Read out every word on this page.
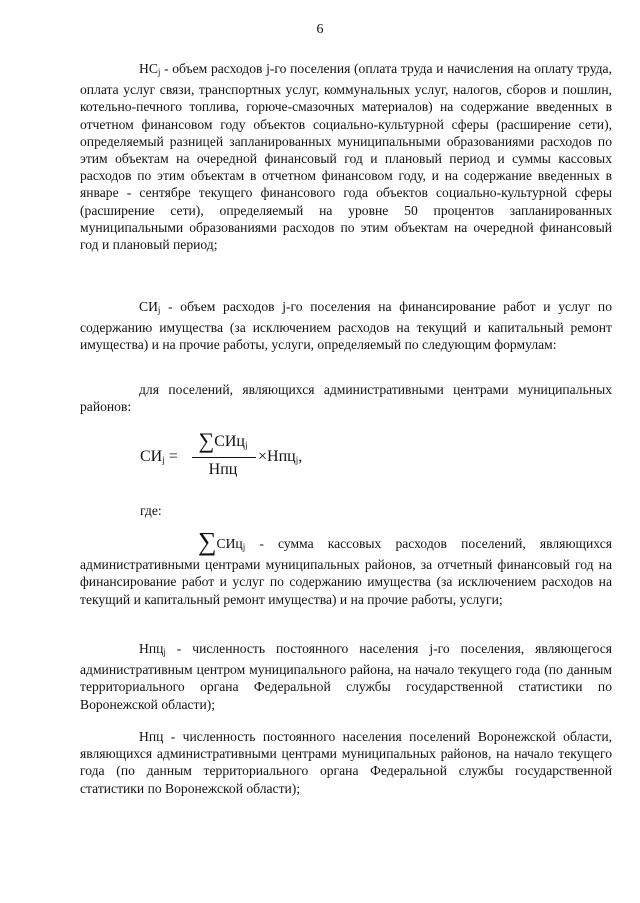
6

$НС_j$ - объем расходов j-го поселения (оплата труда и начисления на оплату труда, оплата услуг связи, транспортных услуг, коммунальных услуг, налогов, сборов и пошлин, котельно-печного топлива, горюче-смазочных материалов) на содержание введенных в отчетном финансовом году объектов социально-культурной сферы (расширение сети), определяемый разницей запланированных муниципальными образованиями расходов по этим объектам на очередной финансовый год и плановый период и суммы кассовых расходов по этим объектам в отчетном финансовом году, и на содержание введенных в январе - сентябре текущего финансового года объектов социально-культурной сферы (расширение сети), определяемый на уровне 50 процентов запланированных муниципальными образованиями расходов по этим объектам на очередной финансовый год и плановый период;

$СИ_j$ - объем расходов j-го поселения на финансирование работ и услуг по содержанию имущества (за исключением расходов на текущий и капитальный ремонт имущества) и на прочие работы, услуги, определяемый по следующим формулам:

для поселений, являющихся административными центрами муниципальных районов:

$СИ_j$ =
∑СИц$_j$
Нпц
×Нпц$_j$,
где:

∑СИц$_j$ - сумма кассовых расходов поселений, являющихся административными центрами муниципальных районов, за отчетный финансовый год на финансирование работ и услуг по содержанию имущества (за исключением расходов на текущий и капитальный ремонт имущества) и на прочие работы, услуги;

Нпц$_j$ - численность постоянного населения j-го поселения, являющегося административным центром муниципального района, на начало текущего года (по данным территориального органа Федеральной службы государственной статистики по Воронежской области);

Нпц - численность постоянного населения поселений Воронежской области, являющихся административными центрами муниципальных районов, на начало текущего года (по данным территориального органа Федеральной службы государственной статистики по Воронежской области);
